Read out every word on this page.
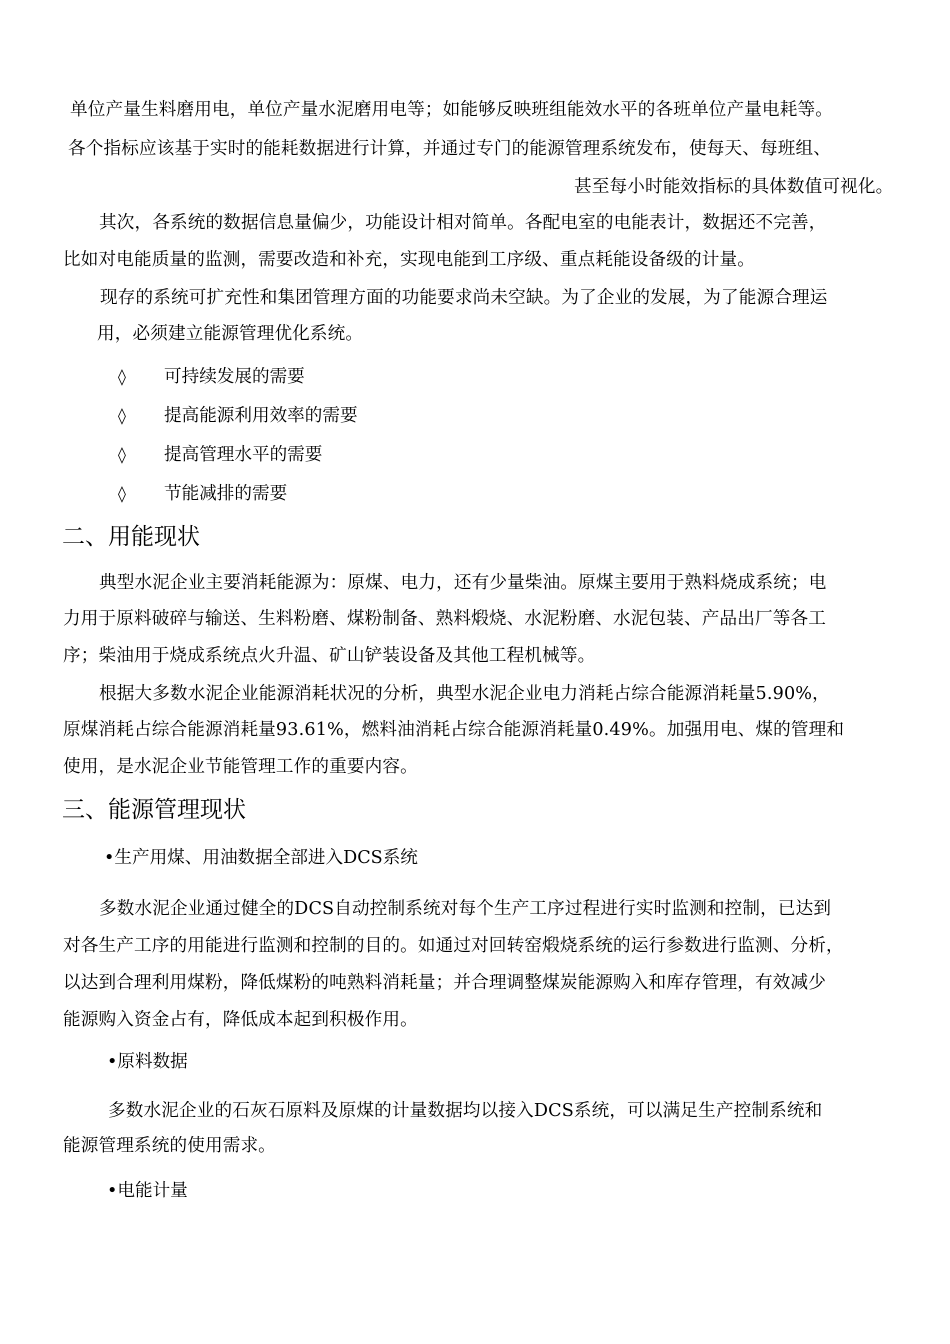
单位产量生料磨用电，单位产量水泥磨用电等；如能够反映班组能效水平的各班单位产量电耗等。
各个指标应该基于实时的能耗数据进行计算，并通过专门的能源管理系统发布，使每天、每班组、
甚至每小时能效指标的具体数值可视化。
其次，各系统的数据信息量偏少，功能设计相对简单。各配电室的电能表计，数据还不完善，
比如对电能质量的监测，需要改造和补充，实现电能到工序级、重点耗能设备级的计量。
现存的系统可扩充性和集团管理方面的功能要求尚未空缺。为了企业的发展，为了能源合理运
用，必须建立能源管理优化系统。
◊ 可持续发展的需要
◊ 提高能源利用效率的需要
◊ 提高管理水平的需要
◊ 节能减排的需要
二、用能现状
典型水泥企业主要消耗能源为：原煤、电力，还有少量柴油。原煤主要用于熟料烧成系统；电
力用于原料破碎与输送、生料粉磨、煤粉制备、熟料煅烧、水泥粉磨、水泥包装、产品出厂等各工
序；柴油用于烧成系统点火升温、矿山铲装设备及其他工程机械等。
根据大多数水泥企业能源消耗状况的分析，典型水泥企业电力消耗占综合能源消耗量5.90%，
原煤消耗占综合能源消耗量93.61%，燃料油消耗占综合能源消耗量0.49%。加强用电、煤的管理和
使用，是水泥企业节能管理工作的重要内容。
三、能源管理现状
•生产用煤、用油数据全部进入DCS系统
多数水泥企业通过健全的DCS自动控制系统对每个生产工序过程进行实时监测和控制，已达到
对各生产工序的用能进行监测和控制的目的。如通过对回转窑煅烧系统的运行参数进行监测、分析，
以达到合理利用煤粉，降低煤粉的吨熟料消耗量；并合理调整煤炭能源购入和库存管理，有效减少
能源购入资金占有，降低成本起到积极作用。
•原料数据
多数水泥企业的石灰石原料及原煤的计量数据均以接入DCS系统，可以满足生产控制系统和
能源管理系统的使用需求。
•电能计量
